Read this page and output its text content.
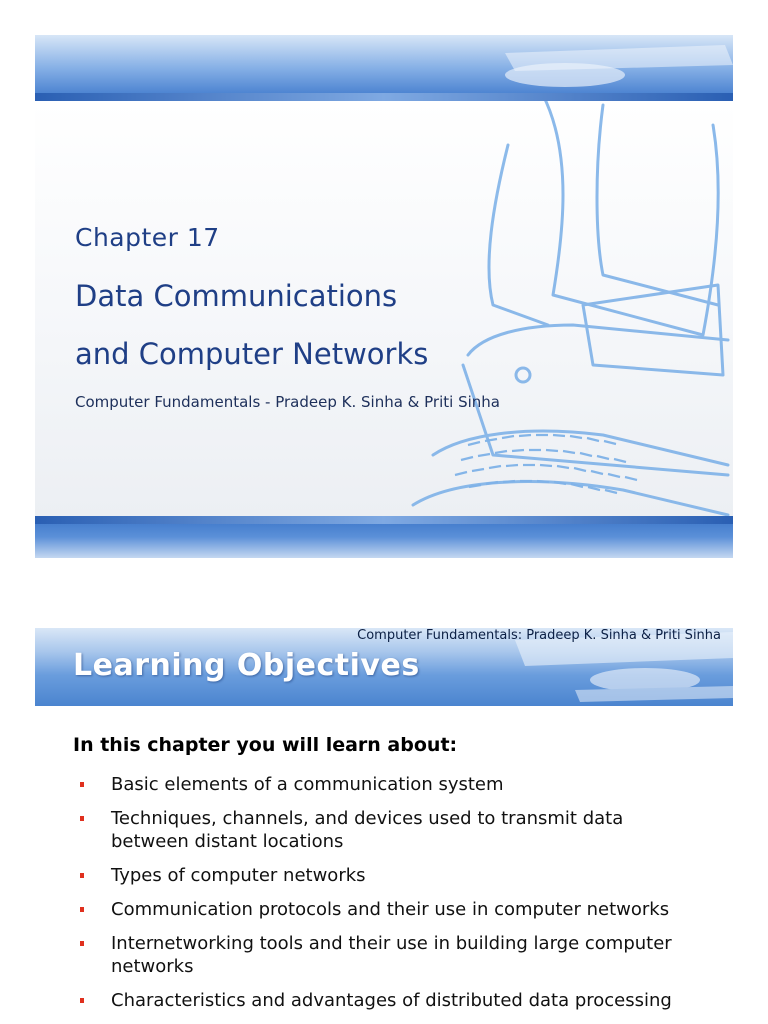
Chapter 17
Data Communications
and Computer Networks
Computer Fundamentals - Pradeep K. Sinha & Priti Sinha
Computer Fundamentals: Pradeep K. Sinha & Priti Sinha
Learning Objectives
In this chapter you will learn about:
Basic elements of a communication system
Techniques, channels, and devices used to transmit data between distant locations
Types of computer networks
Communication protocols and their use in computer networks
Internetworking tools and their use in building large computer networks
Characteristics and advantages of distributed data processing
